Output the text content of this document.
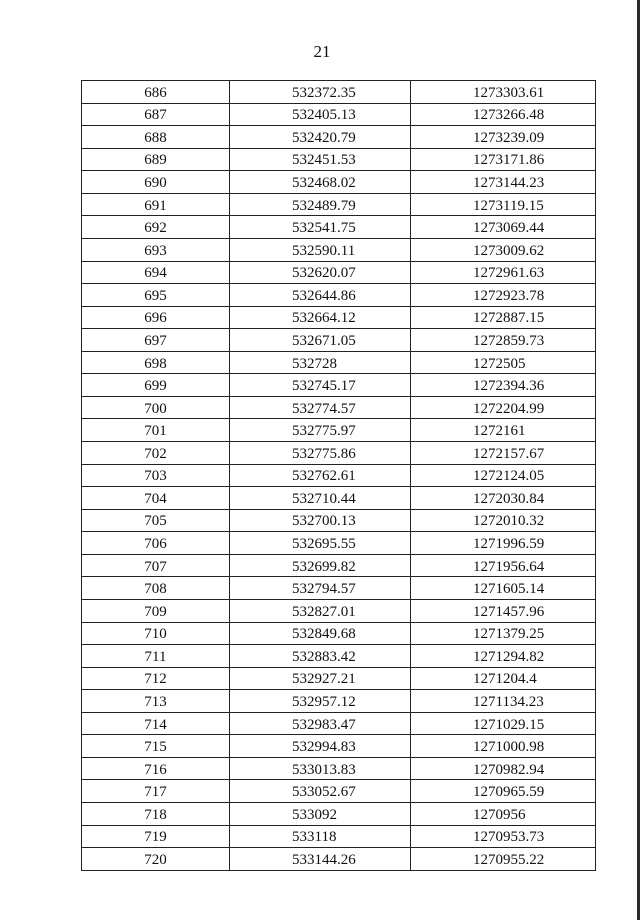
21
686	532372.35	1273303.61
687	532405.13	1273266.48
688	532420.79	1273239.09
689	532451.53	1273171.86
690	532468.02	1273144.23
691	532489.79	1273119.15
692	532541.75	1273069.44
693	532590.11	1273009.62
694	532620.07	1272961.63
695	532644.86	1272923.78
696	532664.12	1272887.15
697	532671.05	1272859.73
698	532728	1272505
699	532745.17	1272394.36
700	532774.57	1272204.99
701	532775.97	1272161
702	532775.86	1272157.67
703	532762.61	1272124.05
704	532710.44	1272030.84
705	532700.13	1272010.32
706	532695.55	1271996.59
707	532699.82	1271956.64
708	532794.57	1271605.14
709	532827.01	1271457.96
710	532849.68	1271379.25
711	532883.42	1271294.82
712	532927.21	1271204.4
713	532957.12	1271134.23
714	532983.47	1271029.15
715	532994.83	1271000.98
716	533013.83	1270982.94
717	533052.67	1270965.59
718	533092	1270956
719	533118	1270953.73
720	533144.26	1270955.22
